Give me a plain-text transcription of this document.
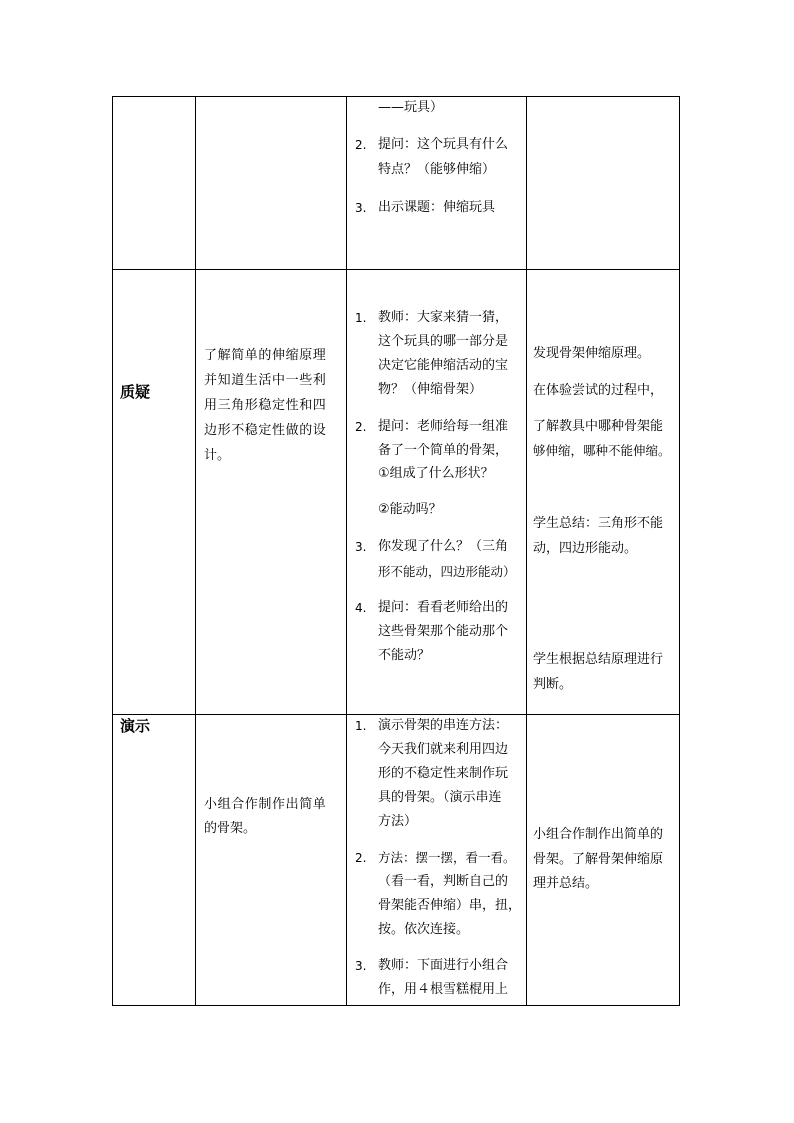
——玩具）
2. 提问：这个玩具有什么
特点？（能够伸缩）
3. 出示课题：伸缩玩具
质疑
了解简单的伸缩原理
并知道生活中一些利
用三角形稳定性和四
边形不稳定性做的设
计。
1. 教师：大家来猜一猜，
这个玩具的哪一部分是
决定它能伸缩活动的宝
物？（伸缩骨架）
2. 提问：老师给每一组准
备了一个简单的骨架，
①组成了什么形状？
②能动吗？
3. 你发现了什么？（三角
形不能动，四边形能动）
4. 提问：看看老师给出的
这些骨架那个能动那个
不能动？
发现骨架伸缩原理。
在体验尝试的过程中，
了解教具中哪种骨架能
够伸缩，哪种不能伸缩。
学生总结：三角形不能
动，四边形能动。
学生根据总结原理进行
判断。
演示
小组合作制作出简单
的骨架。
1. 演示骨架的串连方法：
今天我们就来利用四边
形的不稳定性来制作玩
具的骨架。（演示串连
方法）
2. 方法：摆一摆，看一看。
（看一看，判断自己的
骨架能否伸缩）串，扭，
按。依次连接。
3. 教师：下面进行小组合
作，用４根雪糕棍用上
小组合作制作出简单的
骨架。了解骨架伸缩原
理并总结。
